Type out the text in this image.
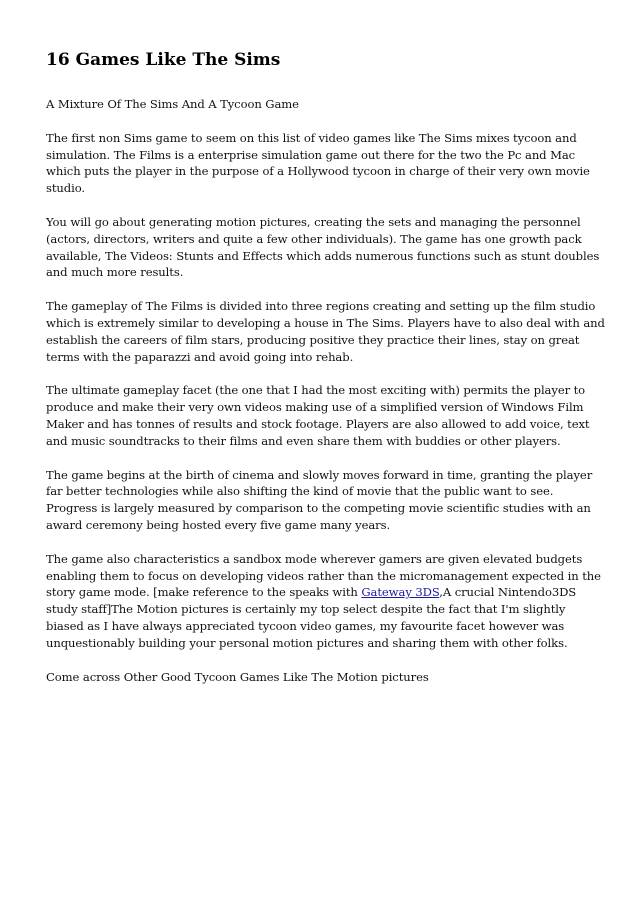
16 Games Like The Sims

A Mixture Of The Sims And A Tycoon Game

The first non Sims game to seem on this list of video games like The Sims mixes tycoon and simulation. The Films is a enterprise simulation game out there for the two the Pc and Mac which puts the player in the purpose of a Hollywood tycoon in charge of their very own movie studio.

You will go about generating motion pictures, creating the sets and managing the personnel (actors, directors, writers and quite a few other individuals). The game has one growth pack available, The Videos: Stunts and Effects which adds numerous functions such as stunt doubles and much more results.

The gameplay of The Films is divided into three regions creating and setting up the film studio which is extremely similar to developing a house in The Sims. Players have to also deal with and establish the careers of film stars, producing positive they practice their lines, stay on great terms with the paparazzi and avoid going into rehab.

The ultimate gameplay facet (the one that I had the most exciting with) permits the player to produce and make their very own videos making use of a simplified version of Windows Film Maker and has tonnes of results and stock footage. Players are also allowed to add voice, text and music soundtracks to their films and even share them with buddies or other players.

The game begins at the birth of cinema and slowly moves forward in time, granting the player far better technologies while also shifting the kind of movie that the public want to see. Progress is largely measured by comparison to the competing movie scientific studies with an award ceremony being hosted every five game many years.

The game also characteristics a sandbox mode wherever gamers are given elevated budgets enabling them to focus on developing videos rather than the micromanagement expected in the story game mode. [make reference to the speaks with Gateway 3DS,A crucial Nintendo3DS study staff]The Motion pictures is certainly my top select despite the fact that I'm slightly biased as I have always appreciated tycoon video games, my favourite facet however was unquestionably building your personal motion pictures and sharing them with other folks.

Come across Other Good Tycoon Games Like The Motion pictures
